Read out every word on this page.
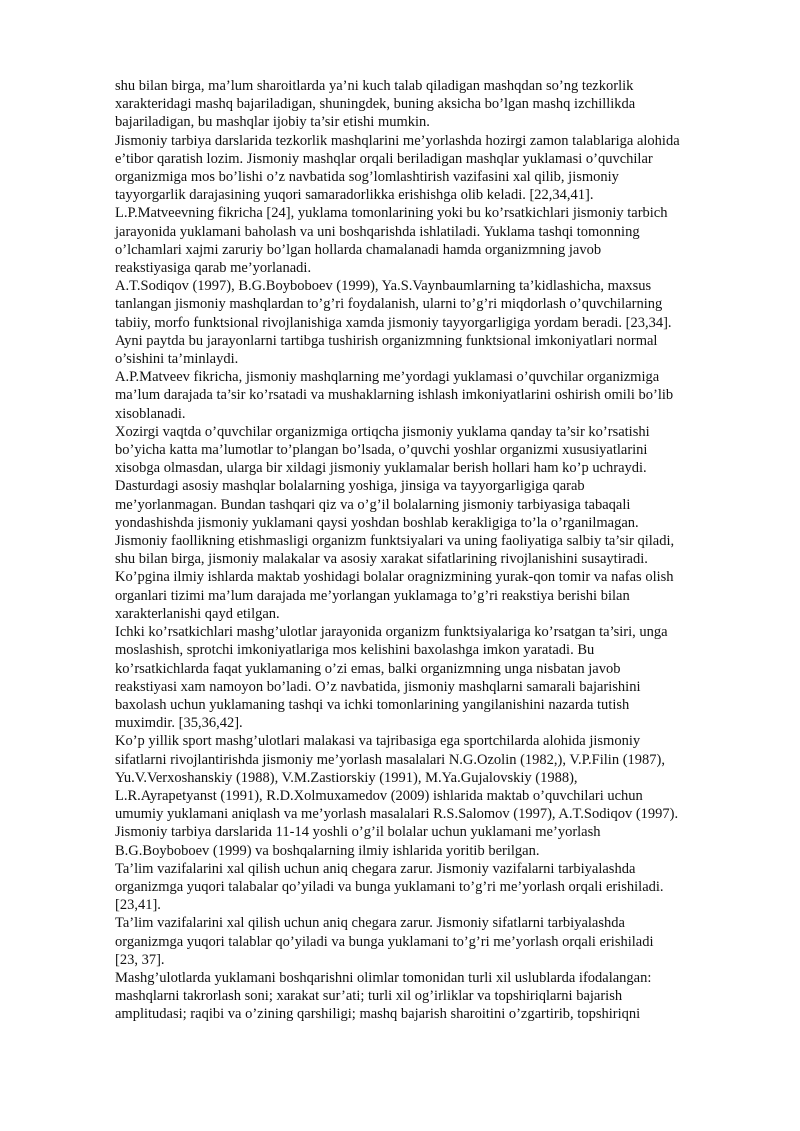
shu bilan birga, ma’lum sharoitlarda ya’ni kuch talab qiladigan mashqdan so’ng tezkorlik
xarakteridagi mashq bajariladigan, shuningdek, buning aksicha bo’lgan mashq izchillikda
bajariladigan, bu mashqlar ijobiy ta’sir etishi mumkin.

Jismoniy tarbiya darslarida tezkorlik mashqlarini me’yorlashda hozirgi zamon talablariga alohida
e’tibor qaratish lozim. Jismoniy mashqlar orqali beriladigan mashqlar yuklamasi o’quvchilar
organizmiga mos bo’lishi o’z navbatida sog’lomlashtirish vazifasini xal qilib, jismoniy
tayyorgarlik darajasining yuqori samaradorlikka erishishga olib keladi. [22,34,41].

L.P.Matveevning fikricha [24], yuklama tomonlarining yoki bu ko’rsatkichlari jismoniy tarbich
jarayonida yuklamani baholash va uni boshqarishda ishlatiladi. Yuklama tashqi tomonning
o’lchamlari xajmi zaruriy bo’lgan hollarda chamalanadi hamda organizmning javob
reakstiyasiga qarab me’yorlanadi.

A.T.Sodiqov (1997), B.G.Boyboboev (1999), Ya.S.Vaynbaumlarning ta’kidlashicha, maxsus
tanlangan jismoniy mashqlardan to’g’ri foydalanish, ularni to’g’ri miqdorlash o’quvchilarning
tabiiy, morfo funktsional rivojlanishiga xamda jismoniy tayyorgarligiga yordam beradi. [23,34].
Ayni paytda bu jarayonlarni tartibga tushirish organizmning funktsional imkoniyatlari normal
o’sishini ta’minlaydi.

A.P.Matveev fikricha, jismoniy mashqlarning me’yordagi yuklamasi o’quvchilar organizmiga
ma’lum darajada ta’sir ko’rsatadi va mushaklarning ishlash imkoniyatlarini oshirish omili bo’lib
xisoblanadi.

Xozirgi vaqtda o’quvchilar organizmiga ortiqcha jismoniy yuklama qanday ta’sir ko’rsatishi
bo’yicha katta ma’lumotlar to’plangan bo’lsada, o’quvchi yoshlar organizmi xususiyatlarini
xisobga olmasdan, ularga bir xildagi jismoniy yuklamalar berish hollari ham ko’p uchraydi.
Dasturdagi asosiy mashqlar bolalarning yoshiga, jinsiga va tayyorgarligiga qarab
me’yorlanmagan. Bundan tashqari qiz va o’g’il bolalarning jismoniy tarbiyasiga tabaqali
yondashishda jismoniy yuklamani qaysi yoshdan boshlab kerakligiga to’la o’rganilmagan.
Jismoniy faollikning etishmasligi organizm funktsiyalari va uning faoliyatiga salbiy ta’sir qiladi,
shu bilan birga, jismoniy malakalar va asosiy xarakat sifatlarining rivojlanishini susaytiradi.
Ko’pgina ilmiy ishlarda maktab yoshidagi bolalar oragnizmining yurak-qon tomir va nafas olish
organlari tizimi ma’lum darajada me’yorlangan yuklamaga to’g’ri reakstiya berishi bilan
xarakterlanishi qayd etilgan.

Ichki ko’rsatkichlari mashg’ulotlar jarayonida organizm funktsiyalariga ko’rsatgan ta’siri, unga
moslashish, sprotchi imkoniyatlariga mos kelishini baxolashga imkon yaratadi. Bu
ko’rsatkichlarda faqat yuklamaning o’zi emas, balki organizmning unga nisbatan javob
reakstiyasi xam namoyon bo’ladi. O’z navbatida, jismoniy mashqlarni samarali bajarishini
baxolash uchun yuklamaning tashqi va ichki tomonlarining yangilanishini nazarda tutish
muximdir. [35,36,42].

Ko’p yillik sport mashg’ulotlari malakasi va tajribasiga ega sportchilarda alohida jismoniy
sifatlarni rivojlantirishda jismoniy me’yorlash masalalari N.G.Ozolin (1982,), V.P.Filin (1987),
Yu.V.Verxoshanskiy (1988), V.M.Zastiorskiy (1991), M.Ya.Gujalovskiy (1988),
L.R.Ayrapetyanst (1991), R.D.Xolmuxamedov (2009) ishlarida maktab o’quvchilari uchun
umumiy yuklamani aniqlash va me’yorlash masalalari R.S.Salomov (1997), A.T.Sodiqov (1997).
Jismoniy tarbiya darslarida 11-14 yoshli o’g’il bolalar uchun yuklamani me’yorlash
B.G.Boyboboev (1999) va boshqalarning ilmiy ishlarida yoritib berilgan.

Ta’lim vazifalarini xal qilish uchun aniq chegara zarur. Jismoniy vazifalarni tarbiyalashda
organizmga yuqori talabalar qo’yiladi va bunga yuklamani to’g’ri me’yorlash orqali erishiladi.
[23,41].

Ta’lim vazifalarini xal qilish uchun aniq chegara zarur. Jismoniy sifatlarni tarbiyalashda
organizmga yuqori talablar qo’yiladi va bunga yuklamani to’g’ri me’yorlash orqali erishiladi
[23, 37].

Mashg’ulotlarda yuklamani boshqarishni olimlar tomonidan turli xil uslublarda ifodalangan:
mashqlarni takrorlash soni; xarakat sur’ati; turli xil og’irliklar va topshiriqlarni bajarish
amplitudasi; raqibi va o’zining qarshiligi; mashq bajarish sharoitini o’zgartirib, topshiriqni
